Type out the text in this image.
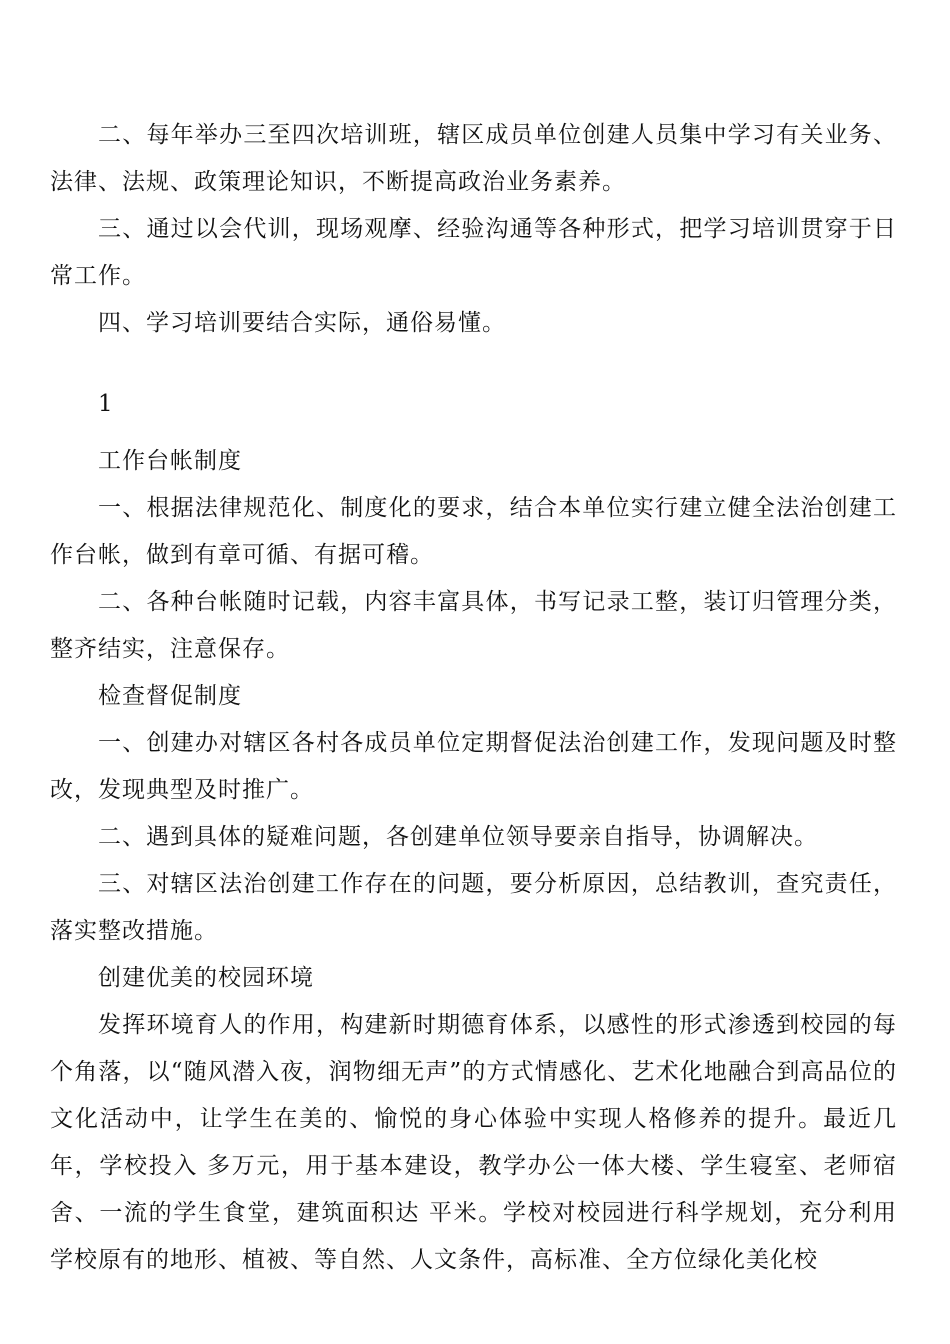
二、每年举办三至四次培训班，辖区成员单位创建人员集中学习有关业务、法律、法规、政策理论知识，不断提高政治业务素养。

三、通过以会代训，现场观摩、经验沟通等各种形式，把学习培训贯穿于日常工作。

四、学习培训要结合实际，通俗易懂。

1

工作台帐制度

一、根据法律规范化、制度化的要求，结合本单位实行建立健全法治创建工作台帐，做到有章可循、有据可稽。

二、各种台帐随时记载，内容丰富具体，书写记录工整，装订归管理分类，整齐结实，注意保存。

检查督促制度

一、创建办对辖区各村各成员单位定期督促法治创建工作，发现问题及时整改，发现典型及时推广。

二、遇到具体的疑难问题，各创建单位领导要亲自指导，协调解决。

三、对辖区法治创建工作存在的问题，要分析原因，总结教训，查究责任，落实整改措施。

创建优美的校园环境

发挥环境育人的作用，构建新时期德育体系，以感性的形式渗透到校园的每个角落，以“随风潜入夜，润物细无声”的方式情感化、艺术化地融合到高品位的文化活动中，让学生在美的、愉悦的身心体验中实现人格修养的提升。最近几年，学校投入 多万元，用于基本建设，教学办公一体大楼、学生寝室、老师宿舍、一流的学生食堂，建筑面积达 平米。学校对校园进行科学规划，充分利用学校原有的地形、植被、等自然、人文条件，高标准、全方位绿化美化校
